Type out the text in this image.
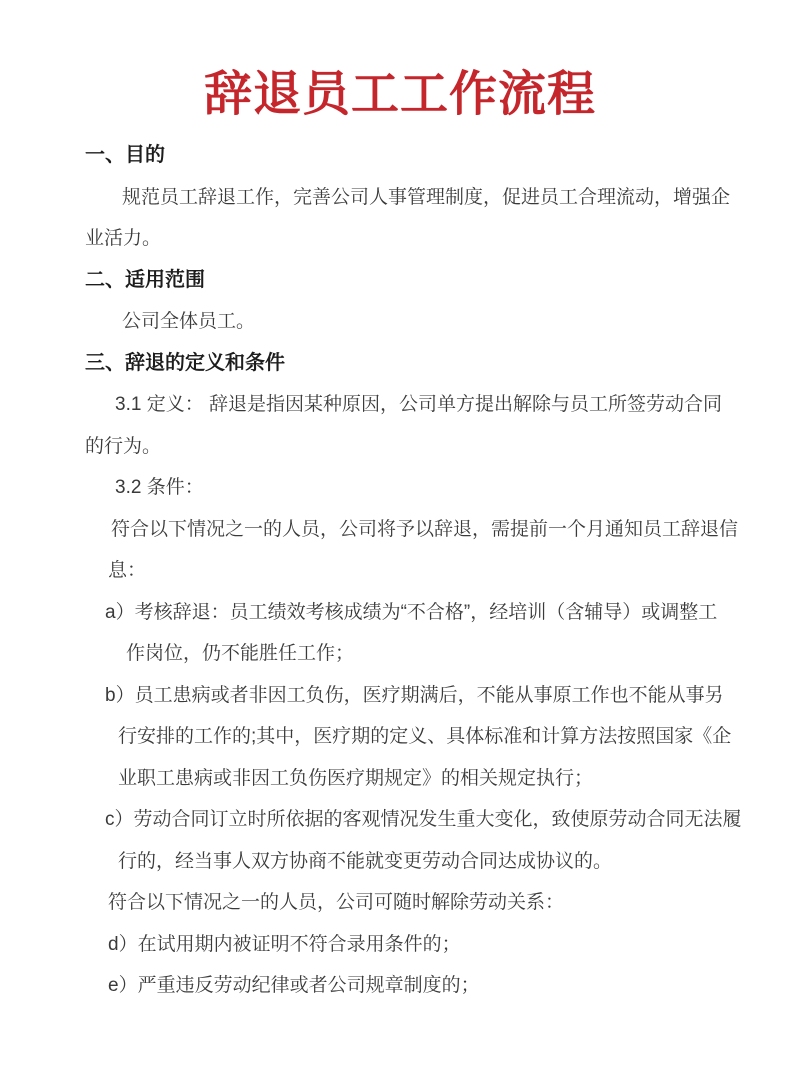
辞退员工工作流程
一、目的
规范员工辞退工作，完善公司人事管理制度，促进员工合理流动，增强企
业活力。
二、适用范围
公司全体员工。
三、辞退的定义和条件
3.1 定义： 辞退是指因某种原因，公司单方提出解除与员工所签劳动合同
的行为。
3.2 条件：
符合以下情况之一的人员，公司将予以辞退，需提前一个月通知员工辞退信
息：
a）考核辞退：员工绩效考核成绩为“不合格”，经培训（含辅导）或调整工
作岗位，仍不能胜任工作；
b）员工患病或者非因工负伤，医疗期满后，不能从事原工作也不能从事另
行安排的工作的;其中，医疗期的定义、具体标准和计算方法按照国家《企
业职工患病或非因工负伤医疗期规定》的相关规定执行；
c）劳动合同订立时所依据的客观情况发生重大变化，致使原劳动合同无法履
行的，经当事人双方协商不能就变更劳动合同达成协议的。
符合以下情况之一的人员，公司可随时解除劳动关系：
d）在试用期内被证明不符合录用条件的；
e）严重违反劳动纪律或者公司规章制度的；
